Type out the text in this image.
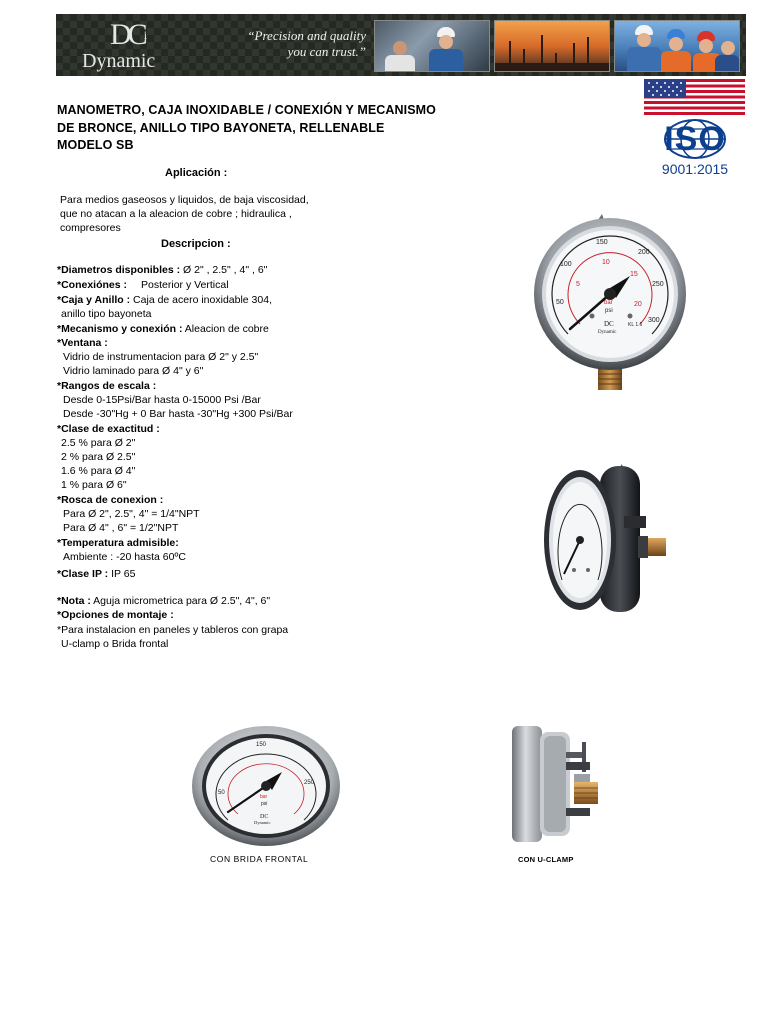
DCi
Dynamic
“Precision and quality
you can trust.”
ISO
9001:2015
MANOMETRO, CAJA INOXIDABLE / CONEXIÓN Y MECANISMO
DE BRONCE, ANILLO TIPO BAYONETA, RELLENABLE
MODELO SB
Aplicación :
Para medios gaseosos y liquidos, de baja viscosidad,
que no atacan a la aleacion de cobre ; hidraulica ,
compresores
Descripcion :
*Diametros disponibles : Ø 2" , 2.5" , 4" , 6"
*Conexiónes : Posterior y Vertical
*Caja y Anillo : Caja de acero inoxidable 304,
anillo tipo bayoneta
*Mecanismo y conexión : Aleacion de cobre
*Ventana :
Vidrio de instrumentacion para Ø 2" y 2.5"
Vidrio laminado para Ø 4" y 6"
*Rangos de escala :
Desde 0-15Psi/Bar hasta 0-15000 Psi /Bar
Desde -30"Hg + 0 Bar hasta -30"Hg +300 Psi/Bar
*Clase de exactitud :
2.5 % para Ø 2"
2 % para Ø 2.5"
1.6 % para Ø 4"
1 % para Ø 6"
*Rosca de conexion :
Para Ø 2", 2.5", 4" = 1/4"NPT
Para Ø 4" , 6" = 1/2"NPT
*Temperatura admisible:
Ambiente : -20 hasta 60ºC
*Clase IP : IP 65
*Nota : Aguja micrometrica para Ø 2.5", 4", 6"
*Opciones de montaje :
*Para instalacion en paneles y tableros con grapa
U-clamp o Brida frontal
50
100
150
200
250
300
5
10
15
20
bar
psi
DC
Dynamic
KL 1.6
50
150
250
bar
psi
DC
Dynamic
CON BRIDA FRONTAL	CON U-CLAMP
